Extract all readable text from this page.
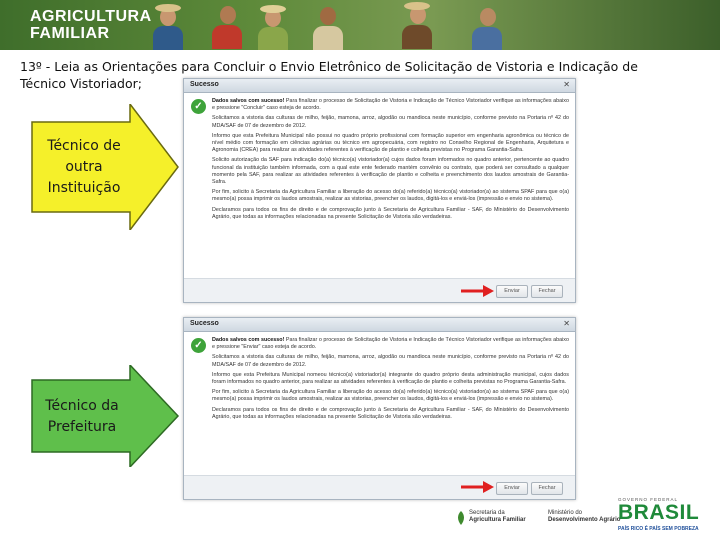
AGRICULTURA
FAMILIAR
13º - Leia as Orientações para Concluir o Envio Eletrônico de Solicitação de Vistoria e Indicação de Técnico Vistoriador;
Técnico de outra Instituição
Técnico da Prefeitura
Sucesso	✕
✓	Dados salvos com sucesso! Para finalizar o processo de Solicitação de Vistoria e Indicação de Técnico Vistoriador verifique as informações abaixo e pressione "Concluir" caso esteja de acordo.

Solicitamos a vistoria das culturas de milho, feijão, mamona, arroz, algodão ou mandioca neste município, conforme previsto na Portaria nº 42 do MDA/SAF de 07 de dezembro de 2012.

Informo que esta Prefeitura Municipal não possui no quadro próprio profissional com formação superior em engenharia agronômica ou técnico de nível médio com formação em ciências agrárias ou técnico em agropecuária, com registro no Conselho Regional de Engenharia, Arquitetura e Agronomia (CREA) para realizar as atividades referentes à verificação de plantio e colheita previstas no Programa Garantia-Safra.

Solicito autorização da SAF para indicação do(a) técnico(a) vistoriador(a) cujos dados foram informados no quadro anterior, pertencente ao quadro funcional da instituição também informada, com a qual este ente federado mantém convênio ou contrato, que poderá ser consultado a qualquer momento pela SAF, para realizar as atividades referentes à verificação de plantio e colheita e preenchimento dos laudos amostrais de Garantia-Safra.

Por fim, solicito à Secretaria da Agricultura Familiar a liberação do acesso do(a) referido(a) técnico(a) vistoriador(a) ao sistema SPAF para que o(a) mesmo(a) possa imprimir os laudos amostrais, realizar as vistorias, preencher os laudos, digitá-los e enviá-los (impressão e envio no sistema).

Declaramos para todos os fins de direito e de comprovação junto à Secretaria de Agricultura Familiar - SAF, do Ministério do Desenvolvimento Agrário, que todas as informações relacionadas na presente Solicitação de Vistoria são verdadeiras.

Enviar	Fechar
Sucesso	✕
✓	Dados salvos com sucesso! Para finalizar o processo de Solicitação de Vistoria e Indicação de Técnico Vistoriador verifique as informações abaixo e pressione "Enviar" caso esteja de acordo.

Solicitamos a vistoria das culturas de milho, feijão, mamona, arroz, algodão ou mandioca neste município, conforme previsto na Portaria nº 42 do MDA/SAF de 07 de dezembro de 2012.

Informo que esta Prefeitura Municipal nomeou técnico(a) vistoriador(a) integrante do quadro próprio desta administração municipal, cujos dados foram informados no quadro anterior, para realizar as atividades referentes à verificação de plantio e colheita previstas no Programa Garantia-Safra.

Por fim, solicito à Secretaria da Agricultura Familiar a liberação do acesso do(a) referido(a) técnico(a) vistoriador(a) ao sistema SPAF para que o(a) mesmo(a) possa imprimir os laudos amostrais, realizar as vistorias, preencher os laudos, digitá-los e enviá-los (impressão e envio no sistema).

Declaramos para todos os fins de direito e de comprovação junto à Secretaria de Agricultura Familiar - SAF, do Ministério do Desenvolvimento Agrário, que todas as informações relacionadas na presente Solicitação de Vistoria são verdadeiras.

Enviar	Fechar
Secretaria da
Agricultura Familiar
Ministério do
Desenvolvimento Agrário
GOVERNO FEDERAL
BRASIL
PAÍS RICO É PAÍS SEM POBREZA
